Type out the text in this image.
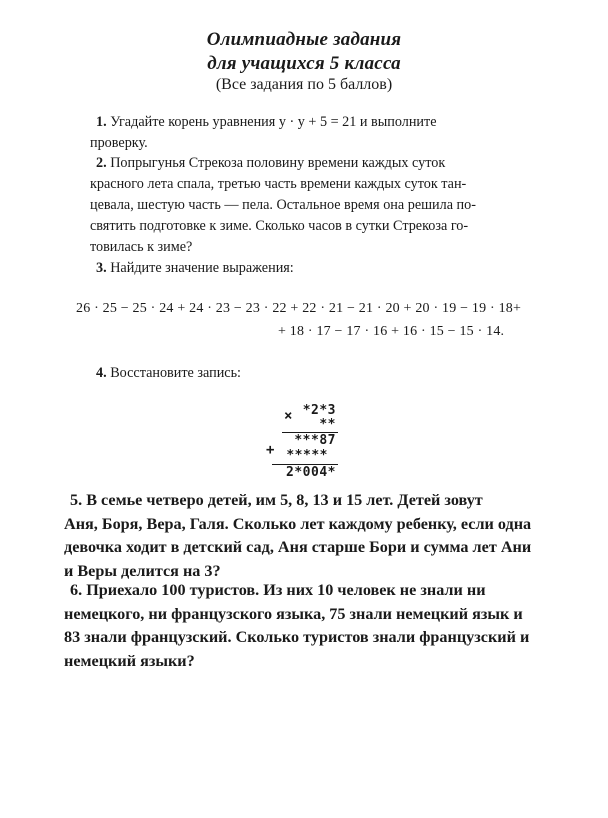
Олимпиадные задания
для учащихся 5 класса
(Все задания по 5 баллов)
1. Угадайте корень уравнения y · y + 5 = 21 и выполните
проверку.
2. Попрыгунья Стрекоза половину времени каждых суток
красного лета спала, третью часть времени каждых суток тан-
цевала, шестую часть — пела. Остальное время она решила по-
святить подготовке к зиме. Сколько часов в сутки Стрекоза го-
товилась к зиме?
3. Найдите значение выражения:
26 · 25 − 25 · 24 + 24 · 23 − 23 · 22 + 22 · 21 − 21 · 20 + 20 · 19 − 19 · 18+
+ 18 · 17 − 17 · 16 + 16 · 15 − 15 · 14.
4. Восстановите запись:
× *2*3
**
***87
+ *****
2*004*
5. В семье четверо детей, им 5, 8, 13 и 15 лет. Детей зовут
Аня, Боря, Вера, Галя. Сколько лет каждому ребенку, если одна
девочка ходит в детский сад, Аня старше Бори и сумма лет Ани
и Веры делится на 3?
6. Приехало 100 туристов. Из них 10 человек не знали ни
немецкого, ни французского языка, 75 знали немецкий язык и
83 знали французский. Сколько туристов знали французский и
немецкий языки?
